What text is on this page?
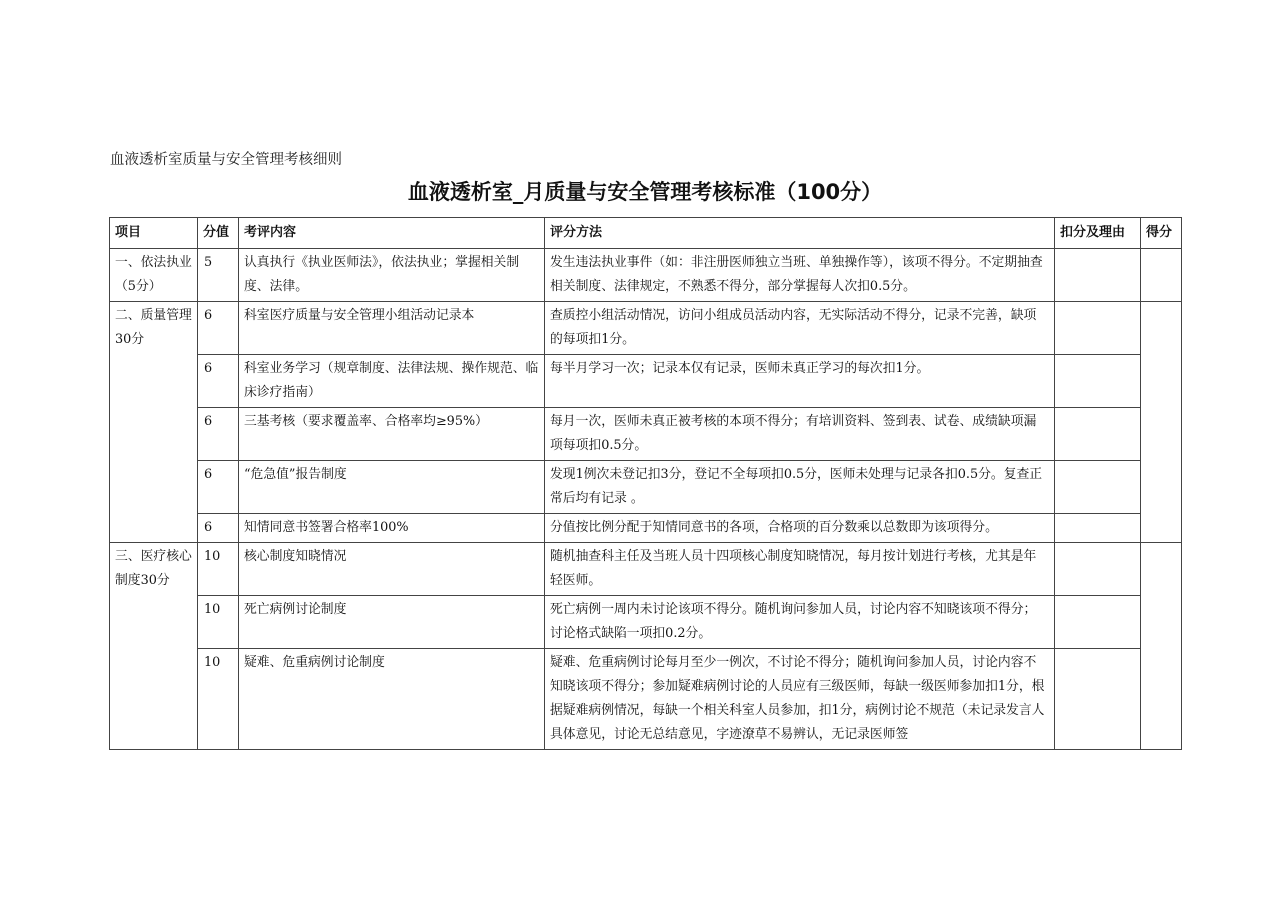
血液透析室质量与安全管理考核细则
血液透析室_月质量与安全管理考核标准（100分）
项目	分值	考评内容	评分方法	扣分及理由	得分
一、依法执业（5分）	5	认真执行《执业医师法》，依法执业；掌握相关制度、法律。	发生违法执业事件（如：非注册医师独立当班、单独操作等），该项不得分。不定期抽查相关制度、法律规定，不熟悉不得分，部分掌握每人次扣0.5分。		
二、质量管理30分	6	科室医疗质量与安全管理小组活动记录本	查质控小组活动情况，访问小组成员活动内容，无实际活动不得分，记录不完善，缺项的每项扣1分。		
	6	科室业务学习（规章制度、法律法规、操作规范、临床诊疗指南）	每半月学习一次；记录本仅有记录，医师未真正学习的每次扣1分。		
	6	三基考核（要求覆盖率、合格率均≥95%）	每月一次，医师未真正被考核的本项不得分；有培训资料、签到表、试卷、成绩缺项漏项每项扣0.5分。		
	6	“危急值”报告制度	发现1例次未登记扣3分，登记不全每项扣0.5分，医师未处理与记录各扣0.5分。复查正常后均有记录 。		
	6	知情同意书签署合格率100%	分值按比例分配于知情同意书的各项，合格项的百分数乘以总数即为该项得分。		
三、医疗核心制度30分	10	核心制度知晓情况	随机抽查科主任及当班人员十四项核心制度知晓情况，每月按计划进行考核，尤其是年轻医师。		
	10	死亡病例讨论制度	死亡病例一周内未讨论该项不得分。随机询问参加人员，讨论内容不知晓该项不得分；讨论格式缺陷一项扣0.2分。		
	10	疑难、危重病例讨论制度	疑难、危重病例讨论每月至少一例次，不讨论不得分；随机询问参加人员，讨论内容不知晓该项不得分；参加疑难病例讨论的人员应有三级医师，每缺一级医师参加扣1分，根据疑难病例情况，每缺一个相关科室人员参加，扣1分，病例讨论不规范（未记录发言人具体意见，讨论无总结意见，字迹潦草不易辨认，无记录医师签		
